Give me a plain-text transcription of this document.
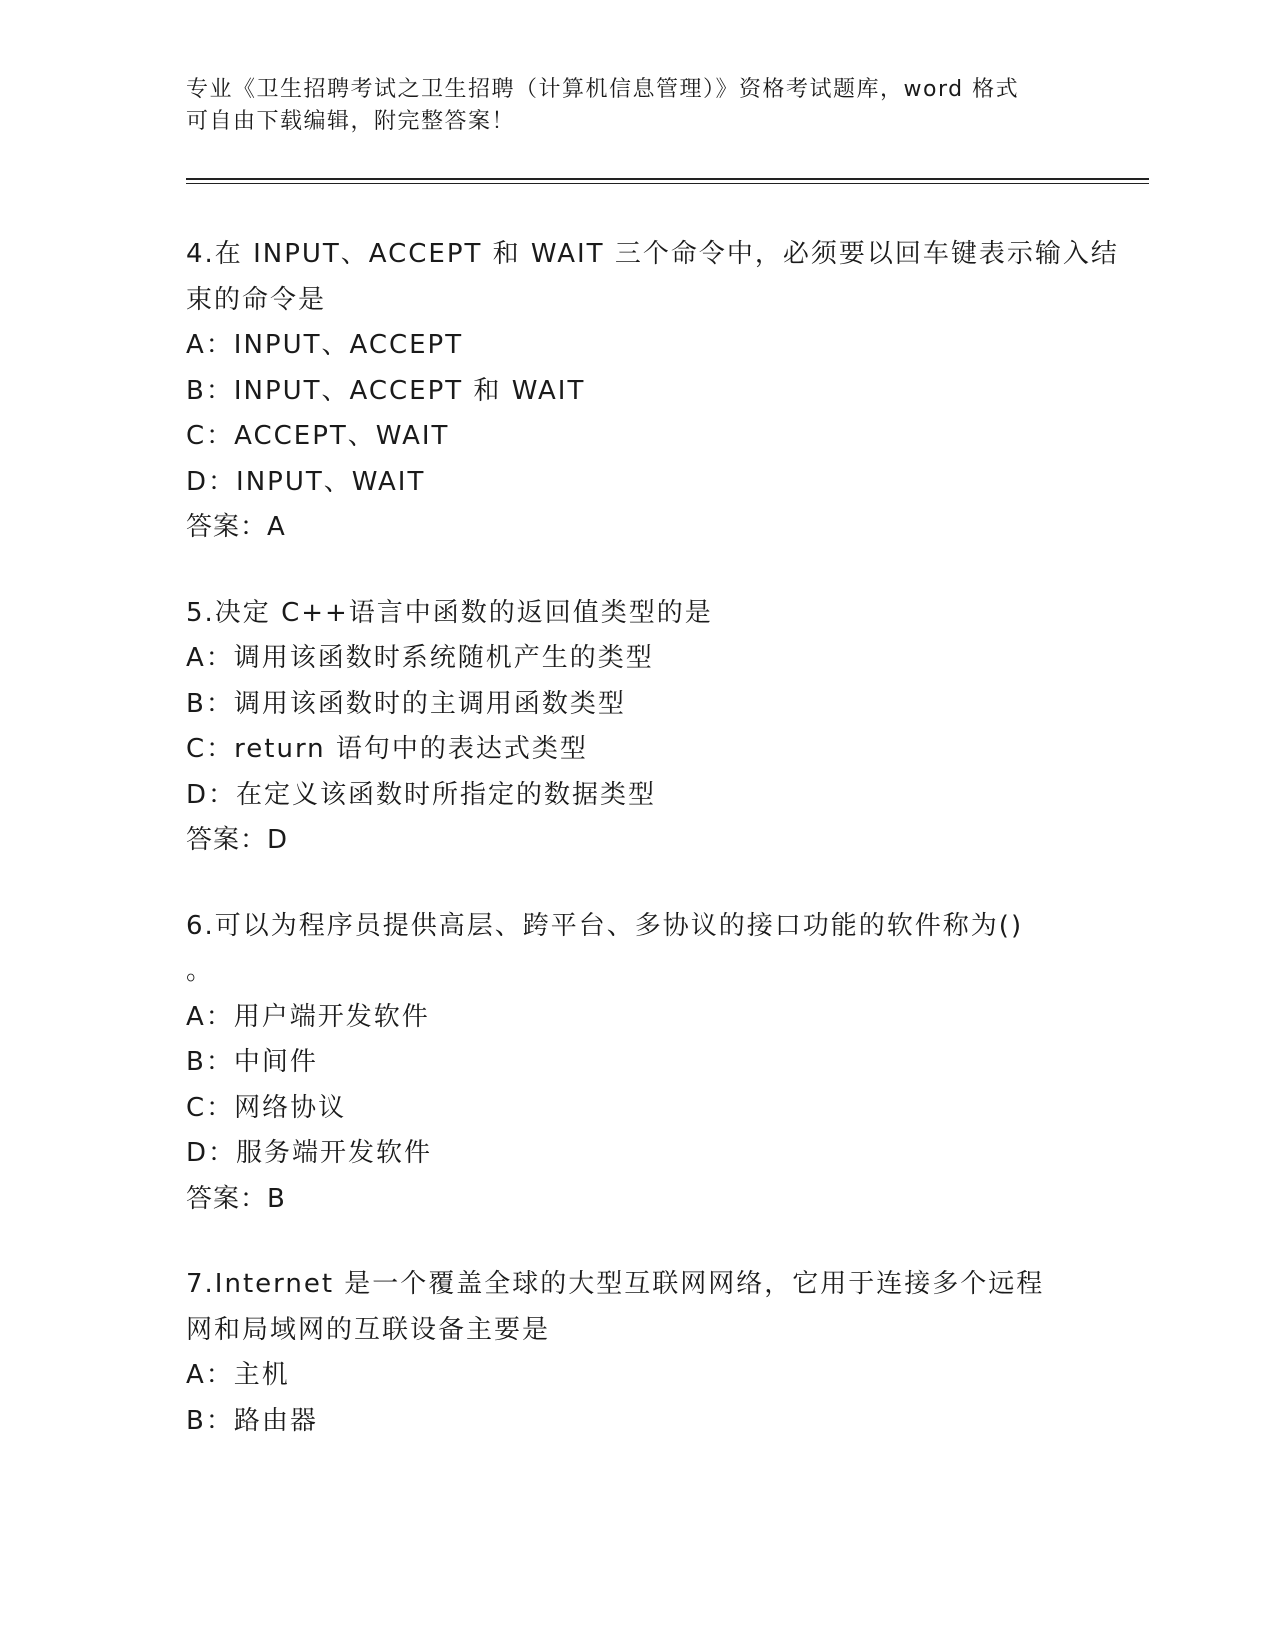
专业《卫生招聘考试之卫生招聘（计算机信息管理）》资格考试题库，word 格式
可自由下载编辑，附完整答案！
4.在 INPUT、ACCEPT 和 WAIT 三个命令中，必须要以回车键表示输入结
束的命令是
A：INPUT、ACCEPT
B：INPUT、ACCEPT 和 WAIT
C：ACCEPT、WAIT
D：INPUT、WAIT
答案：A
5.决定 C++语言中函数的返回值类型的是
A：调用该函数时系统随机产生的类型
B：调用该函数时的主调用函数类型
C：return 语句中的表达式类型
D：在定义该函数时所指定的数据类型
答案：D
6.可以为程序员提供高层、跨平台、多协议的接口功能的软件称为()
。
A：用户端开发软件
B：中间件
C：网络协议
D：服务端开发软件
答案：B
7.Internet 是一个覆盖全球的大型互联网网络，它用于连接多个远程
网和局域网的互联设备主要是
A：主机
B：路由器
